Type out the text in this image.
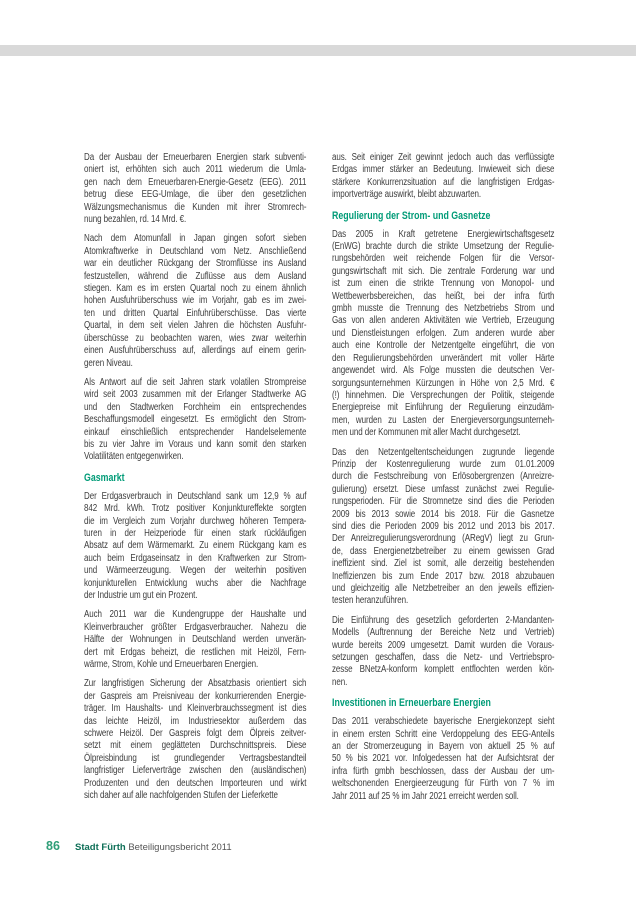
Da der Ausbau der Erneuerbaren Energien stark subventi-
oniert ist, erhöhten sich auch 2011 wiederum die Umla-
gen nach dem Erneuerbaren-Energie-Gesetz (EEG). 2011
betrug diese EEG-Umlage, die über den gesetzlichen
Wälzungsmechanismus die Kunden mit ihrer Stromrech-
nung bezahlen, rd. 14 Mrd. €.
Nach dem Atomunfall in Japan gingen sofort sieben
Atomkraftwerke in Deutschland vom Netz. Anschließend
war ein deutlicher Rückgang der Stromflüsse ins Ausland
festzustellen, während die Zuflüsse aus dem Ausland
stiegen. Kam es im ersten Quartal noch zu einem ähnlich
hohen Ausfuhrüberschuss wie im Vorjahr, gab es im zwei-
ten und dritten Quartal Einfuhrüberschüsse. Das vierte
Quartal, in dem seit vielen Jahren die höchsten Ausfuhr-
überschüsse zu beobachten waren, wies zwar weiterhin
einen Ausfuhrüberschuss auf, allerdings auf einem gerin-
geren Niveau.
Als Antwort auf die seit Jahren stark volatilen Strompreise
wird seit 2003 zusammen mit der Erlanger Stadtwerke AG
und den Stadtwerken Forchheim ein entsprechendes
Beschaffungsmodell eingesetzt. Es ermöglicht den Strom-
einkauf einschließlich entsprechender Handelselemente
bis zu vier Jahre im Voraus und kann somit den starken
Volatilitäten entgegenwirken.
Gasmarkt
Der Erdgasverbrauch in Deutschland sank um 12,9 % auf
842 Mrd. kWh. Trotz positiver Konjunktureffekte sorgten
die im Vergleich zum Vorjahr durchweg höheren Tempera-
turen in der Heizperiode für einen stark rückläufigen
Absatz auf dem Wärmemarkt. Zu einem Rückgang kam es
auch beim Erdgaseinsatz in den Kraftwerken zur Strom-
und Wärmeerzeugung. Wegen der weiterhin positiven
konjunkturellen Entwicklung wuchs aber die Nachfrage
der Industrie um gut ein Prozent.
Auch 2011 war die Kundengruppe der Haushalte und
Kleinverbraucher größter Erdgasverbraucher. Nahezu die
Hälfte der Wohnungen in Deutschland werden unverän-
dert mit Erdgas beheizt, die restlichen mit Heizöl, Fern-
wärme, Strom, Kohle und Erneuerbaren Energien.
Zur langfristigen Sicherung der Absatzbasis orientiert sich
der Gaspreis am Preisniveau der konkurrierenden Energie-
träger. Im Haushalts- und Kleinverbrauchssegment ist dies
das leichte Heizöl, im Industriesektor außerdem das
schwere Heizöl. Der Gaspreis folgt dem Ölpreis zeitver-
setzt mit einem geglätteten Durchschnittspreis. Diese
Ölpreisbindung ist grundlegender Vertragsbestandteil
langfristiger Lieferverträge zwischen den (ausländischen)
Produzenten und den deutschen Importeuren und wirkt
sich daher auf alle nachfolgenden Stufen der Lieferkette
aus. Seit einiger Zeit gewinnt jedoch auch das verflüssigte
Erdgas immer stärker an Bedeutung. Inwieweit sich diese
stärkere Konkurrenzsituation auf die langfristigen Erdgas-
importverträge auswirkt, bleibt abzuwarten.
Regulierung der Strom- und Gasnetze
Das 2005 in Kraft getretene Energiewirtschaftsgesetz
(EnWG) brachte durch die strikte Umsetzung der Regulie-
rungsbehörden weit reichende Folgen für die Versor-
gungswirtschaft mit sich. Die zentrale Forderung war und
ist zum einen die strikte Trennung von Monopol- und
Wettbewerbsbereichen, das heißt, bei der infra fürth
gmbh musste die Trennung des Netzbetriebs Strom und
Gas von allen anderen Aktivitäten wie Vertrieb, Erzeugung
und Dienstleistungen erfolgen. Zum anderen wurde aber
auch eine Kontrolle der Netzentgelte eingeführt, die von
den Regulierungsbehörden unverändert mit voller Härte
angewendet wird. Als Folge mussten die deutschen Ver-
sorgungsunternehmen Kürzungen in Höhe von 2,5 Mrd. €
(!) hinnehmen. Die Versprechungen der Politik, steigende
Energiepreise mit Einführung der Regulierung einzudäm-
men, wurden zu Lasten der Energieversorgungsunterneh-
men und der Kommunen mit aller Macht durchgesetzt.
Das den Netzentgeltentscheidungen zugrunde liegende
Prinzip der Kostenregulierung wurde zum 01.01.2009
durch die Festschreibung von Erlösobergrenzen (Anreizre-
gulierung) ersetzt. Diese umfasst zunächst zwei Regulie-
rungsperioden. Für die Stromnetze sind dies die Perioden
2009 bis 2013 sowie 2014 bis 2018. Für die Gasnetze
sind dies die Perioden 2009 bis 2012 und 2013 bis 2017.
Der Anreizregulierungsverordnung (ARegV) liegt zu Grun-
de, dass Energienetzbetreiber zu einem gewissen Grad
ineffizient sind. Ziel ist somit, alle derzeitig bestehenden
Ineffizienzen bis zum Ende 2017 bzw. 2018 abzubauen
und gleichzeitig alle Netzbetreiber an den jeweils effizien-
testen heranzuführen.
Die Einführung des gesetzlich geforderten 2-Mandanten-
Modells (Auftrennung der Bereiche Netz und Vertrieb)
wurde bereits 2009 umgesetzt. Damit wurden die Voraus-
setzungen geschaffen, dass die Netz- und Vertriebspro-
zesse BNetzA-konform komplett entflochten werden kön-
nen.
Investitionen in Erneuerbare Energien
Das 2011 verabschiedete bayerische Energiekonzept sieht
in einem ersten Schritt eine Verdoppelung des EEG-Anteils
an der Stromerzeugung in Bayern von aktuell 25 % auf
50 % bis 2021 vor. Infolgedessen hat der Aufsichtsrat der
infra fürth gmbh beschlossen, dass der Ausbau der um-
weltschonenden Energieerzeugung für Fürth von 7 % im
Jahr 2011 auf 25 % im Jahr 2021 erreicht werden soll.
86 Stadt Fürth Beteiligungsbericht 2011
